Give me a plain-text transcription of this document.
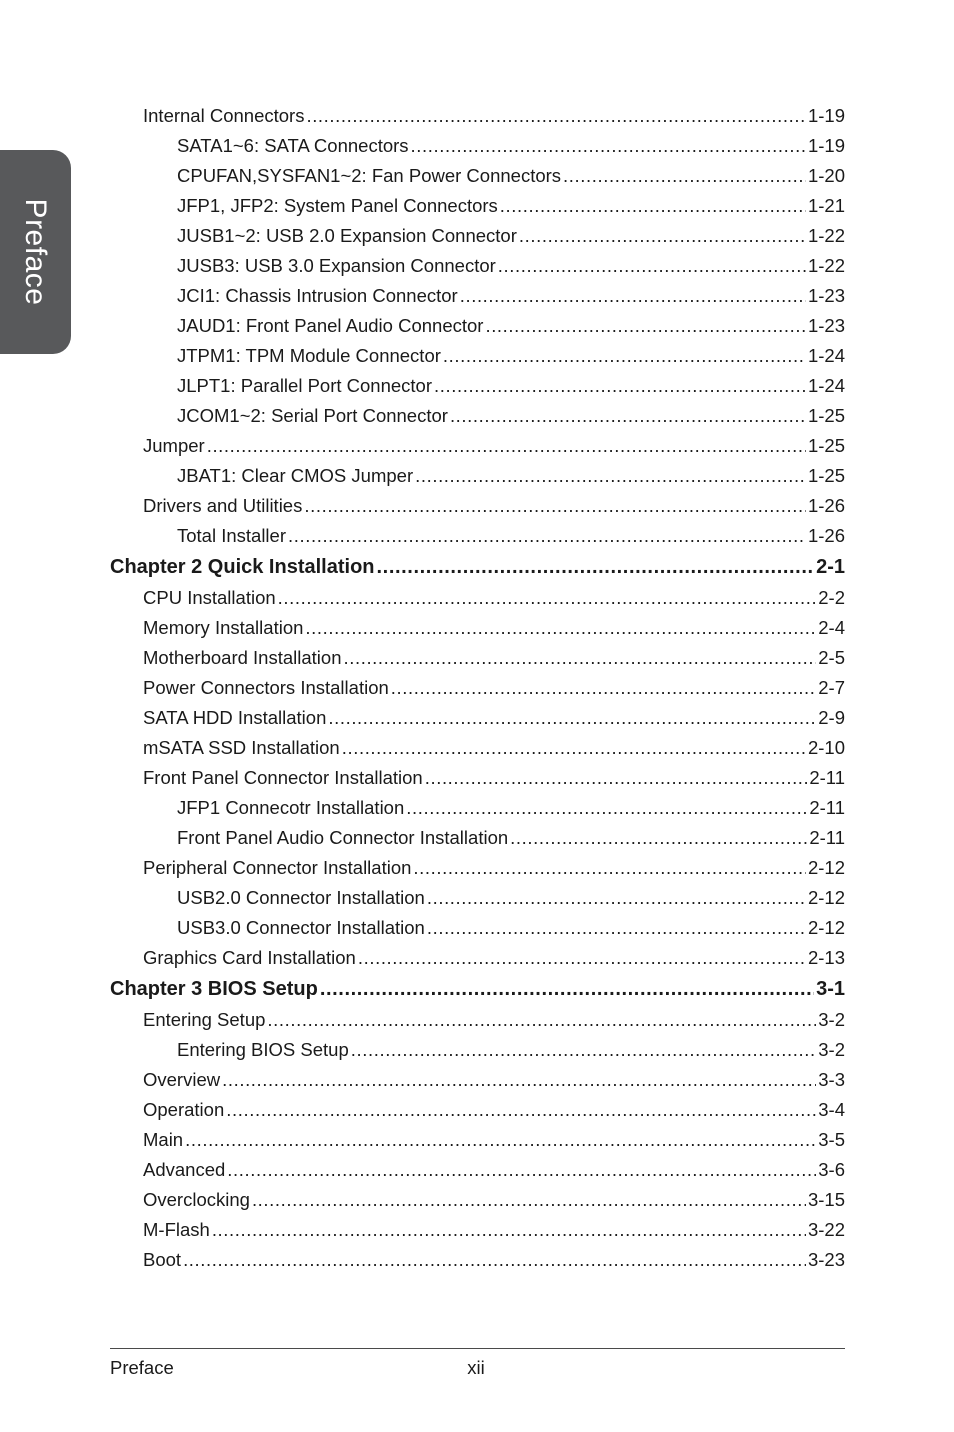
Preface
Internal Connectors .....	1-19
SATA1~6: SATA Connectors .....	1-19
CPUFAN,SYSFAN1~2: Fan Power Connectors .....	1-20
JFP1, JFP2: System Panel Connectors .....	1-21
JUSB1~2: USB 2.0 Expansion Connector .....	1-22
JUSB3: USB 3.0 Expansion Connector .....	1-22
JCI1: Chassis Intrusion Connector .....	1-23
JAUD1: Front Panel Audio Connector .....	1-23
JTPM1: TPM Module Connector .....	1-24
JLPT1: Parallel Port Connector .....	1-24
JCOM1~2: Serial Port Connector .....	1-25
Jumper .....	1-25
JBAT1: Clear CMOS Jumper .....	1-25
Drivers and Utilities .....	1-26
Total Installer .....	1-26
Chapter 2 Quick Installation .....	2-1
CPU Installation .....	2-2
Memory Installation .....	2-4
Motherboard Installation .....	2-5
Power Connectors Installation .....	2-7
SATA HDD Installation .....	2-9
mSATA SSD Installation .....	2-10
Front Panel Connector Installation .....	2-11
JFP1 Connecotr Installation .....	2-11
Front Panel Audio Connector Installation .....	2-11
Peripheral Connector Installation .....	2-12
USB2.0 Connector Installation .....	2-12
USB3.0 Connector Installation .....	2-12
Graphics Card Installation .....	2-13
Chapter 3 BIOS Setup .....	3-1
Entering Setup .....	3-2
Entering BIOS Setup .....	3-2
Overview .....	3-3
Operation .....	3-4
Main .....	3-5
Advanced .....	3-6
Overclocking .....	3-15
M-Flash .....	3-22
Boot .....	3-23
Preface	xii
